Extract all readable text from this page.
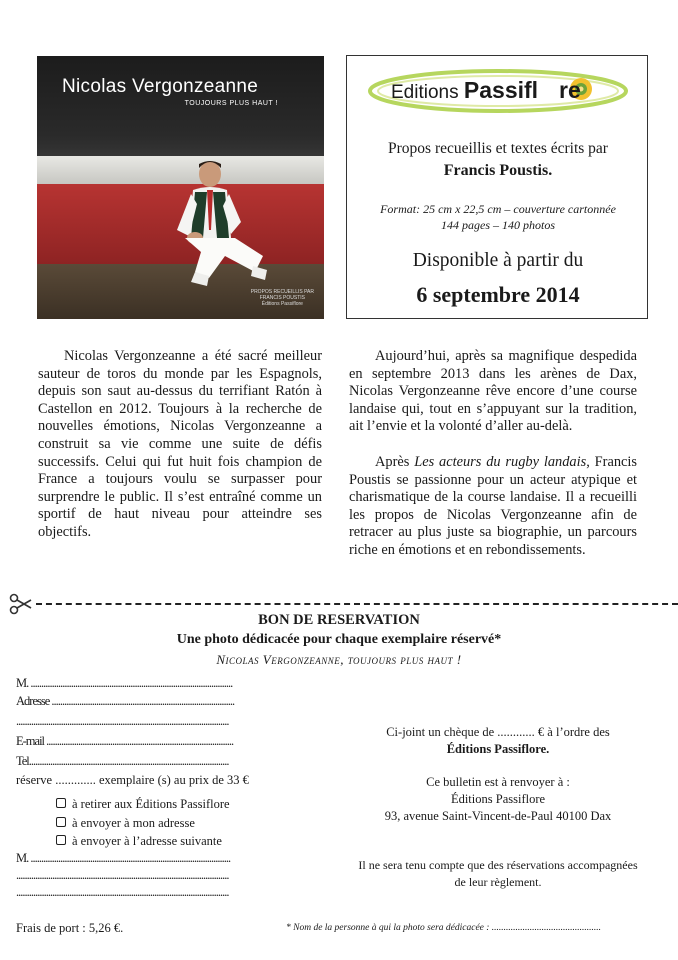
Nicolas Vergonzeanne
TOUJOURS PLUS HAUT !
PROPOS RECUEILLIS PAR
FRANCIS POUSTIS
Éditions Passiflore
Editions Passifl re
Propos recueillis et textes écrits par
Francis Poustis.
Format: 25 cm x 22,5 cm – couverture cartonnée
144 pages – 140 photos
Disponible à partir du
6 septembre 2014

Nicolas Vergonzeanne a été sacré meilleur sauteur de toros du monde par les Espagnols, depuis son saut au-dessus du terrifiant Ratón à Castellon en 2012. Toujours à la recherche de nouvelles émotions, Nicolas Vergonzeanne a construit sa vie comme une suite de défis successifs. Celui qui fut huit fois champion de France a toujours voulu se surpasser pour surprendre le public. Il s’est entraîné comme un sportif de haut niveau pour atteindre ses objectifs.

Aujourd’hui, après sa magnifique despedida en septembre 2013 dans les arènes de Dax, Nicolas Vergonzeanne rêve encore d’une course landaise qui, tout en s’appuyant sur la tradition, ait l’envie et la volonté d’aller au-delà.

Après Les acteurs du rugby landais, Francis Poustis se passionne pour un acteur atypique et charismatique de la course landaise. Il a recueilli les propos de Nicolas Vergonzeanne afin de retracer au plus juste sa biographie, un parcours riche en émotions et en rebondissements.

BON DE RESERVATION
Une photo dédicacée pour chaque exemplaire réservé*
Nicolas Vergonzeanne, toujours plus haut !
M. ...............................................................................................
Adresse ......................................................................................
....................................................................................................
E-mail ........................................................................................
Tel..............................................................................................
réserve ............. exemplaire (s) au prix de 33 €
à retirer aux Éditions Passiflore
à envoyer à mon adresse
à envoyer à l’adresse suivante
M. ..............................................................................................
....................................................................................................
....................................................................................................
Frais de port : 5,26 €.
Ci-joint un chèque de ............ € à l’ordre des
Éditions Passiflore.
Ce bulletin est à renvoyer à :
Éditions Passiflore
93, avenue Saint-Vincent-de-Paul 40100 Dax
Il ne sera tenu compte que des réservations accompagnées
de leur règlement.
* Nom de la personne à qui la photo sera dédicacée : ..............................................
